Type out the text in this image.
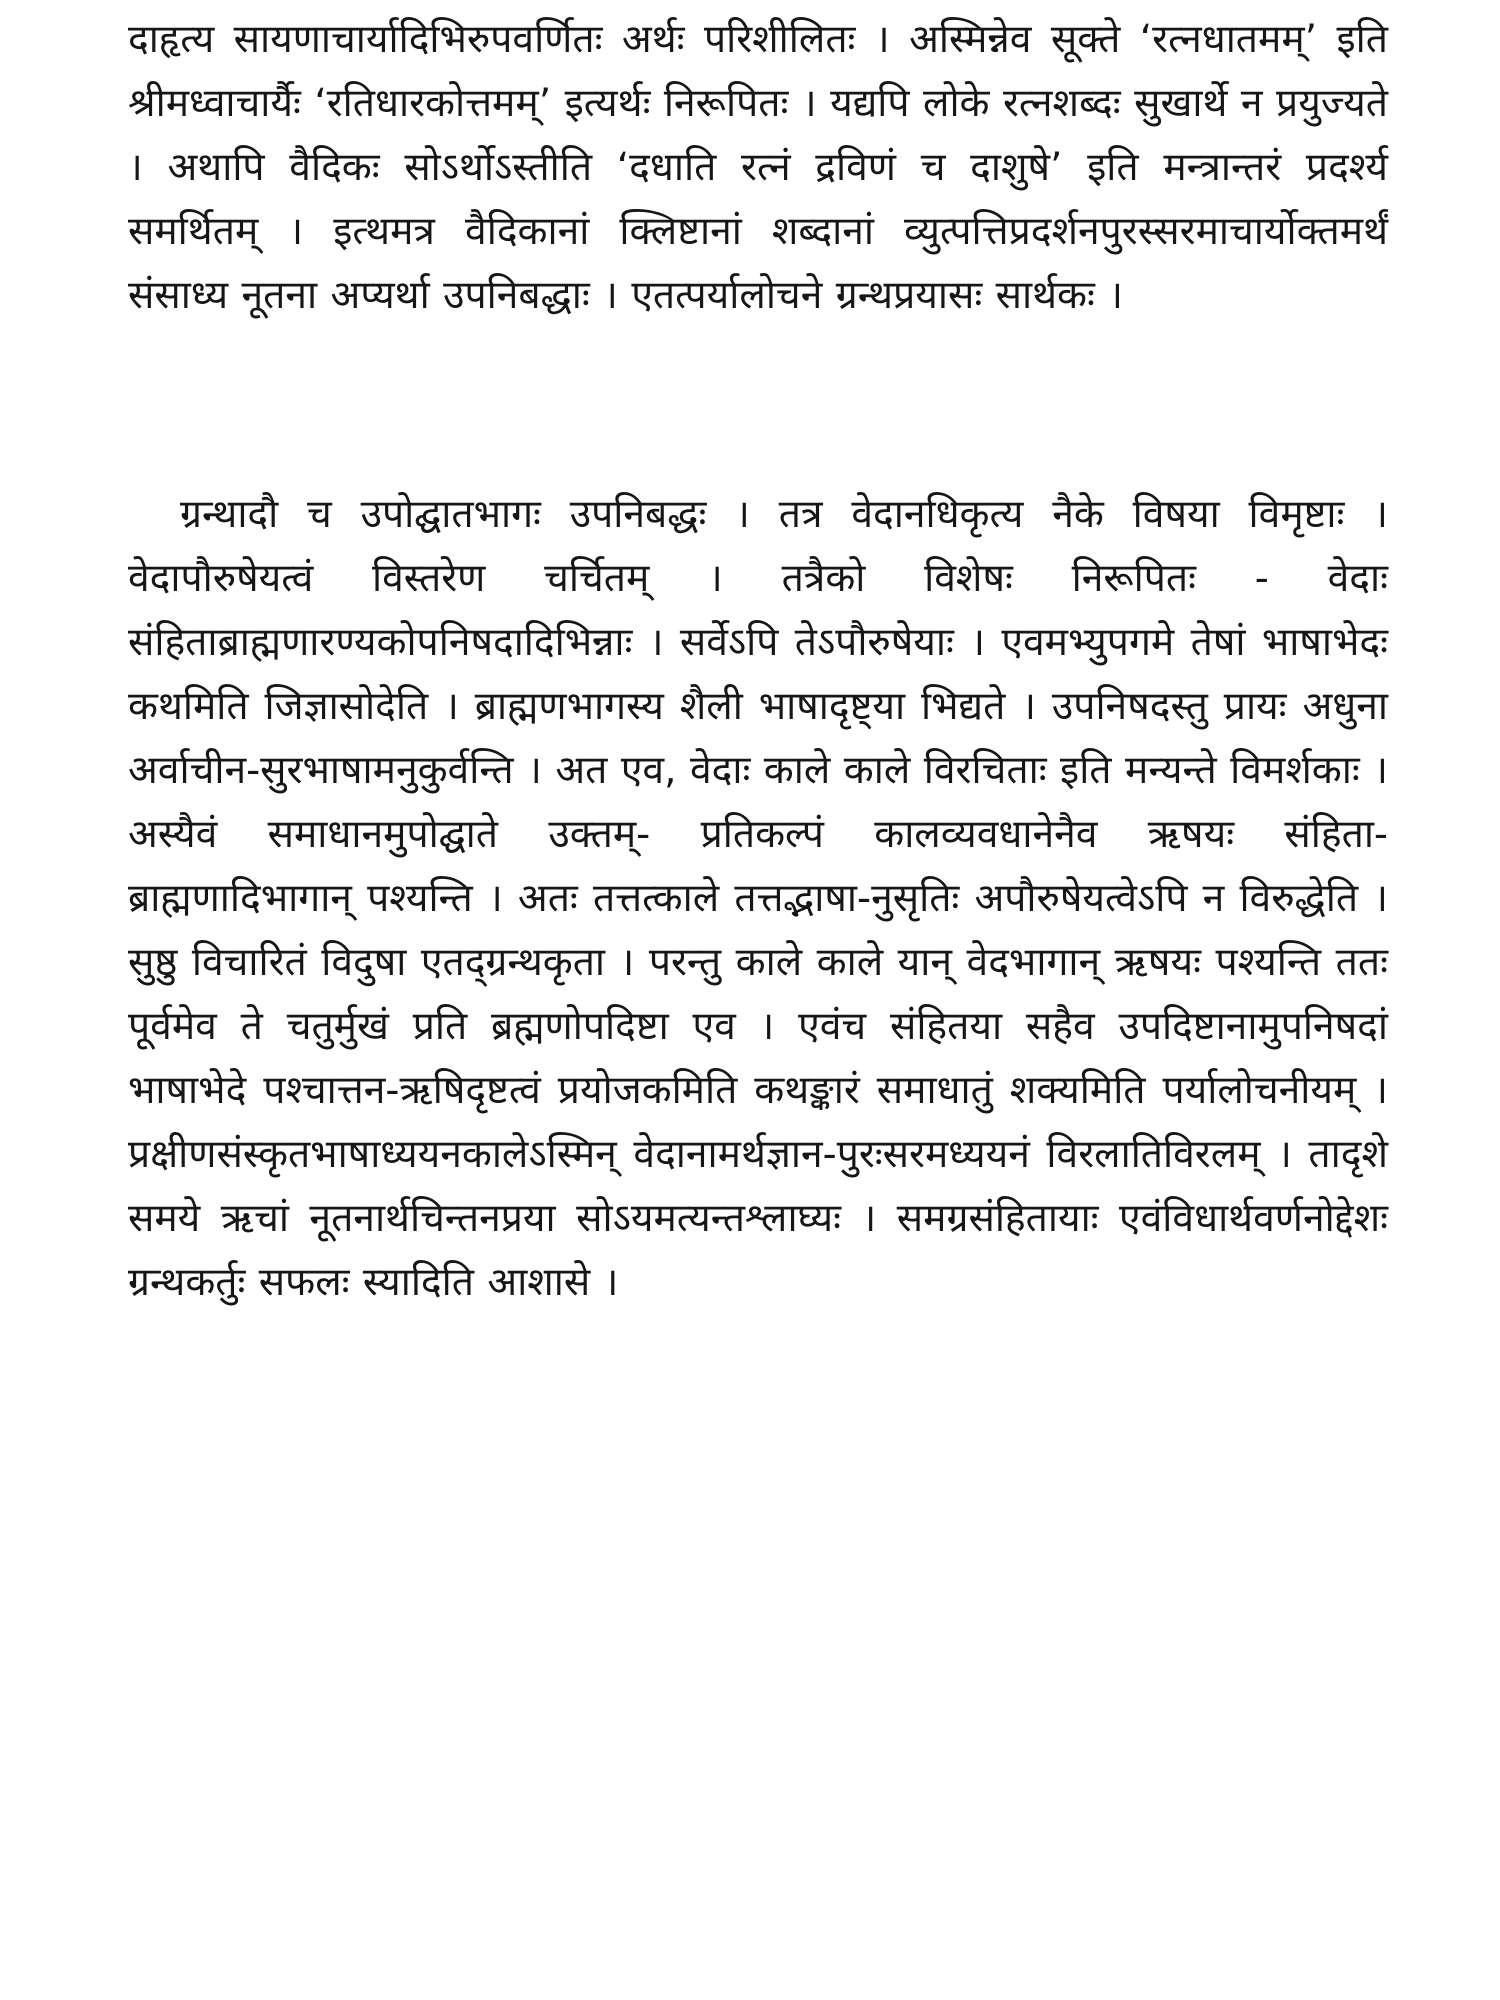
दाहृत्य सायणाचार्यादिभिरुपवर्णितः अर्थः परिशीलितः । अस्मिन्नेव सूक्ते ‘रत्नधातमम्’ इति श्रीमध्वाचार्यैः ‘रतिधारकोत्तमम्’ इत्यर्थः निरूपितः । यद्यपि लोके रत्नशब्दः सुखार्थे न प्रयुज्यते । अथापि वैदिकः सोऽर्थोऽस्तीति ‘दधाति रत्नं द्रविणं च दाशुषे’ इति मन्त्रान्तरं प्रदर्श्य समर्थितम् । इत्थमत्र वैदिकानां क्लिष्टानां शब्दानां व्युत्पत्तिप्रदर्शनपुरस्सरमाचार्योक्तमर्थं संसाध्य नूतना अप्यर्था उपनिबद्धाः । एतत्पर्यालोचने ग्रन्थप्रयासः सार्थकः ।
ग्रन्थादौ च उपोद्घातभागः उपनिबद्धः । तत्र वेदानधिकृत्य नैके विषया विमृष्टाः । वेदापौरुषेयत्वं विस्तरेण चर्चितम् । तत्रैको विशेषः निरूपितः - वेदाः संहिताब्राह्मणारण्यकोपनिषदादिभिन्नाः । सर्वेऽपि तेऽपौरुषेयाः । एवमभ्युपगमे तेषां भाषाभेदः कथमिति जिज्ञासोदेति । ब्राह्मणभागस्य शैली भाषादृष्ट्या भिद्यते । उपनिषदस्तु प्रायः अधुना अर्वाचीन-सुरभाषामनुकुर्वन्ति । अत एव, वेदाः काले काले विरचिताः इति मन्यन्ते विमर्शकाः । अस्यैवं समाधानमुपोद्घाते उक्तम्- प्रतिकल्पं कालव्यवधानेनैव ऋषयः संहिता-ब्राह्मणादिभागान् पश्यन्ति । अतः तत्तत्काले तत्तद्भाषा-नुसृतिः अपौरुषेयत्वेऽपि न विरुद्धेति । सुष्ठु विचारितं विदुषा एतद्ग्रन्थकृता । परन्तु काले काले यान् वेदभागान् ऋषयः पश्यन्ति ततः पूर्वमेव ते चतुर्मुखं प्रति ब्रह्मणोपदिष्टा एव । एवंच संहितया सहैव उपदिष्टानामुपनिषदां भाषाभेदे पश्चात्तन-ऋषिदृष्टत्वं प्रयोजकमिति कथङ्कारं समाधातुं शक्यमिति पर्यालोचनीयम् । प्रक्षीणसंस्कृतभाषाध्ययनकालेऽस्मिन् वेदानामर्थज्ञान-पुरःसरमध्ययनं विरलातिविरलम् । तादृशे समये ऋचां नूतनार्थचिन्तनप्रया सोऽयमत्यन्तश्लाघ्यः । समग्रसंहितायाः एवंविधार्थवर्णनोद्देशः ग्रन्थकर्तुः सफलः स्यादिति आशासे ।
